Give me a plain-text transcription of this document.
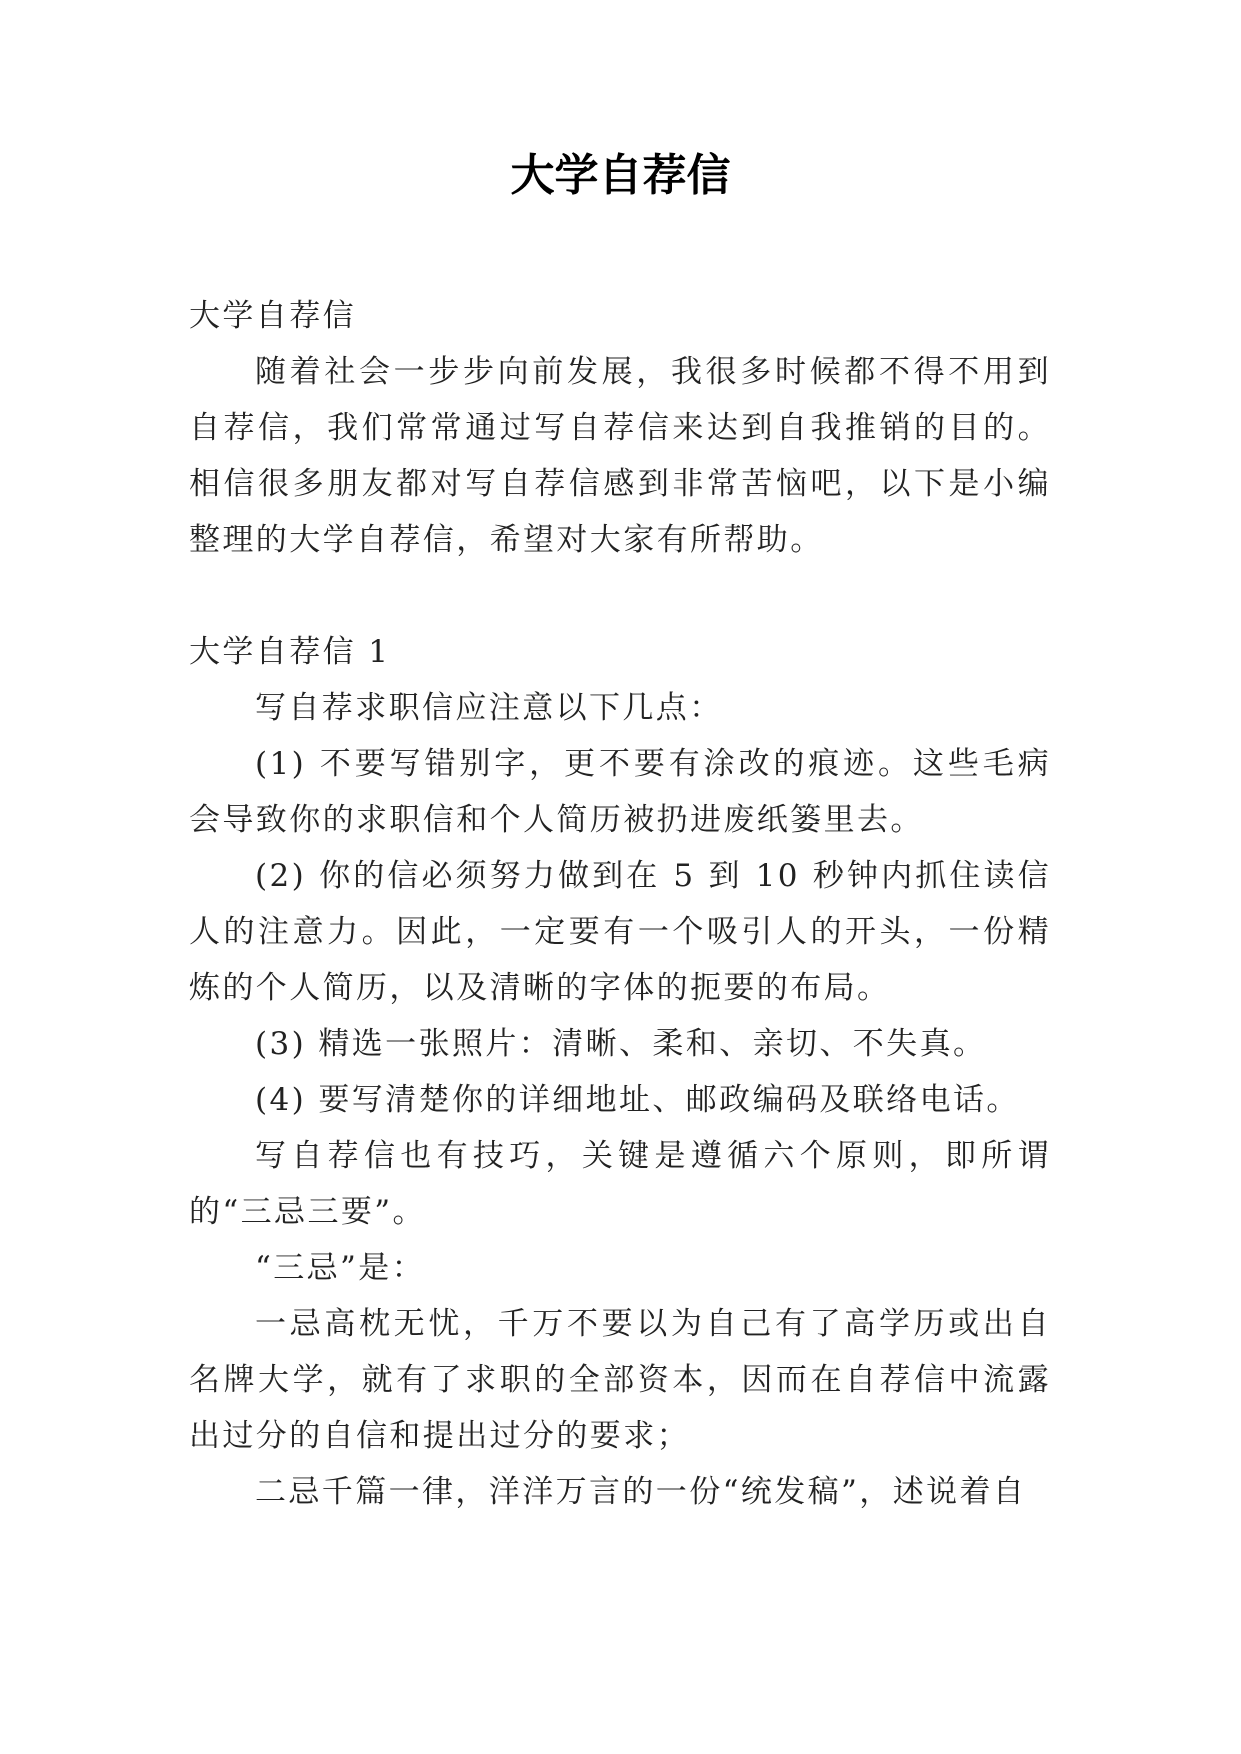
大学自荐信

大学自荐信

随着社会一步步向前发展，我很多时候都不得不用到自荐信，我们常常通过写自荐信来达到自我推销的目的。相信很多朋友都对写自荐信感到非常苦恼吧，以下是小编整理的大学自荐信，希望对大家有所帮助。

大学自荐信 1

写自荐求职信应注意以下几点：

(1) 不要写错别字，更不要有涂改的痕迹。这些毛病会导致你的求职信和个人简历被扔进废纸篓里去。

(2) 你的信必须努力做到在 5 到 10 秒钟内抓住读信人的注意力。因此，一定要有一个吸引人的开头，一份精炼的个人简历，以及清晰的字体的扼要的布局。

(3) 精选一张照片：清晰、柔和、亲切、不失真。

(4) 要写清楚你的详细地址、邮政编码及联络电话。

写自荐信也有技巧，关键是遵循六个原则，即所谓的“三忌三要”。

“三忌”是：

一忌高枕无忧，千万不要以为自己有了高学历或出自名牌大学，就有了求职的全部资本，因而在自荐信中流露出过分的自信和提出过分的要求；

二忌千篇一律，洋洋万言的一份“统发稿”，述说着自
